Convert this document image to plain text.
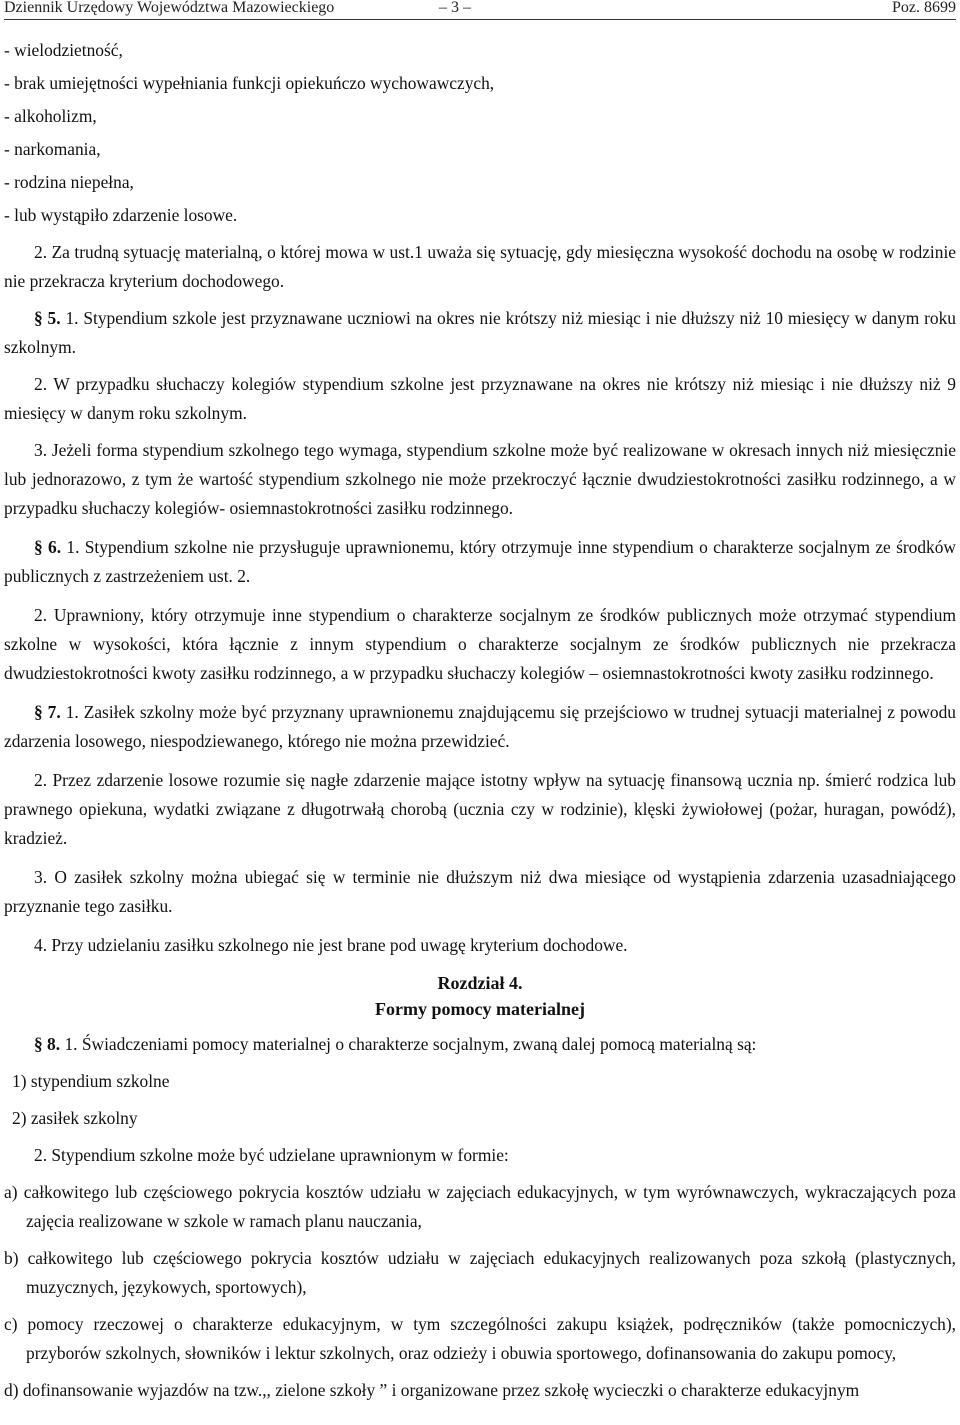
Dziennik Urzędowy Województwa Mazowieckiego	– 3 –	Poz. 8699

- wielodzietność,

- brak umiejętności wypełniania funkcji opiekuńczo wychowawczych,

- alkoholizm,

- narkomania,

- rodzina niepełna,

- lub wystąpiło zdarzenie losowe.

2. Za trudną sytuację materialną, o której mowa w ust.1 uważa się sytuację, gdy miesięczna wysokość dochodu na osobę w rodzinie nie przekracza kryterium dochodowego.

§ 5. 1. Stypendium szkole jest przyznawane uczniowi na okres nie krótszy niż miesiąc i nie dłuższy niż 10 miesięcy w danym roku szkolnym.

2. W przypadku słuchaczy kolegiów stypendium szkolne jest przyznawane na okres nie krótszy niż miesiąc i nie dłuższy niż 9 miesięcy w danym roku szkolnym.

3. Jeżeli forma stypendium szkolnego tego wymaga, stypendium szkolne może być realizowane w okresach innych niż miesięcznie lub jednorazowo, z tym że wartość stypendium szkolnego nie może przekroczyć łącznie dwudziestokrotności zasiłku rodzinnego, a w przypadku słuchaczy kolegiów- osiemnastokrotności zasiłku rodzinnego.

§ 6. 1. Stypendium szkolne nie przysługuje uprawnionemu, który otrzymuje inne stypendium o charakterze socjalnym ze środków publicznych z zastrzeżeniem ust. 2.

2. Uprawniony, który otrzymuje inne stypendium o charakterze socjalnym ze środków publicznych może otrzymać stypendium szkolne w wysokości, która łącznie z innym stypendium o charakterze socjalnym ze środków publicznych nie przekracza dwudziestokrotności kwoty zasiłku rodzinnego, a w przypadku słuchaczy kolegiów – osiemnastokrotności kwoty zasiłku rodzinnego.

§ 7. 1. Zasiłek szkolny może być przyznany uprawnionemu znajdującemu się przejściowo w trudnej sytuacji materialnej z powodu zdarzenia losowego, niespodziewanego, którego nie można przewidzieć.

2. Przez zdarzenie losowe rozumie się nagłe zdarzenie mające istotny wpływ na sytuację finansową ucznia np. śmierć rodzica lub prawnego opiekuna, wydatki związane z długotrwałą chorobą (ucznia czy w rodzinie), klęski żywiołowej (pożar, huragan, powódź), kradzież.

3. O zasiłek szkolny można ubiegać się w terminie nie dłuższym niż dwa miesiące od wystąpienia zdarzenia uzasadniającego przyznanie tego zasiłku.

4. Przy udzielaniu zasiłku szkolnego nie jest brane pod uwagę kryterium dochodowe.

Rozdział 4.

Formy pomocy materialnej

§ 8. 1. Świadczeniami pomocy materialnej o charakterze socjalnym, zwaną dalej pomocą materialną są:

1) stypendium szkolne

2) zasiłek szkolny

2. Stypendium szkolne może być udzielane uprawnionym w formie:

a) całkowitego lub częściowego pokrycia kosztów udziału w zajęciach edukacyjnych, w tym wyrównawczych, wykraczających poza zajęcia realizowane w szkole w ramach planu nauczania,

b) całkowitego lub częściowego pokrycia kosztów udziału w zajęciach edukacyjnych realizowanych poza szkołą (plastycznych, muzycznych, językowych, sportowych),

c) pomocy rzeczowej o charakterze edukacyjnym, w tym szczególności zakupu książek, podręczników (także pomocniczych), przyborów szkolnych, słowników i lektur szkolnych, oraz odzieży i obuwia sportowego, dofinansowania do zakupu pomocy,

d) dofinansowanie wyjazdów na tzw.,, zielone szkoły ” i organizowane przez szkołę wycieczki o charakterze edukacyjnym
